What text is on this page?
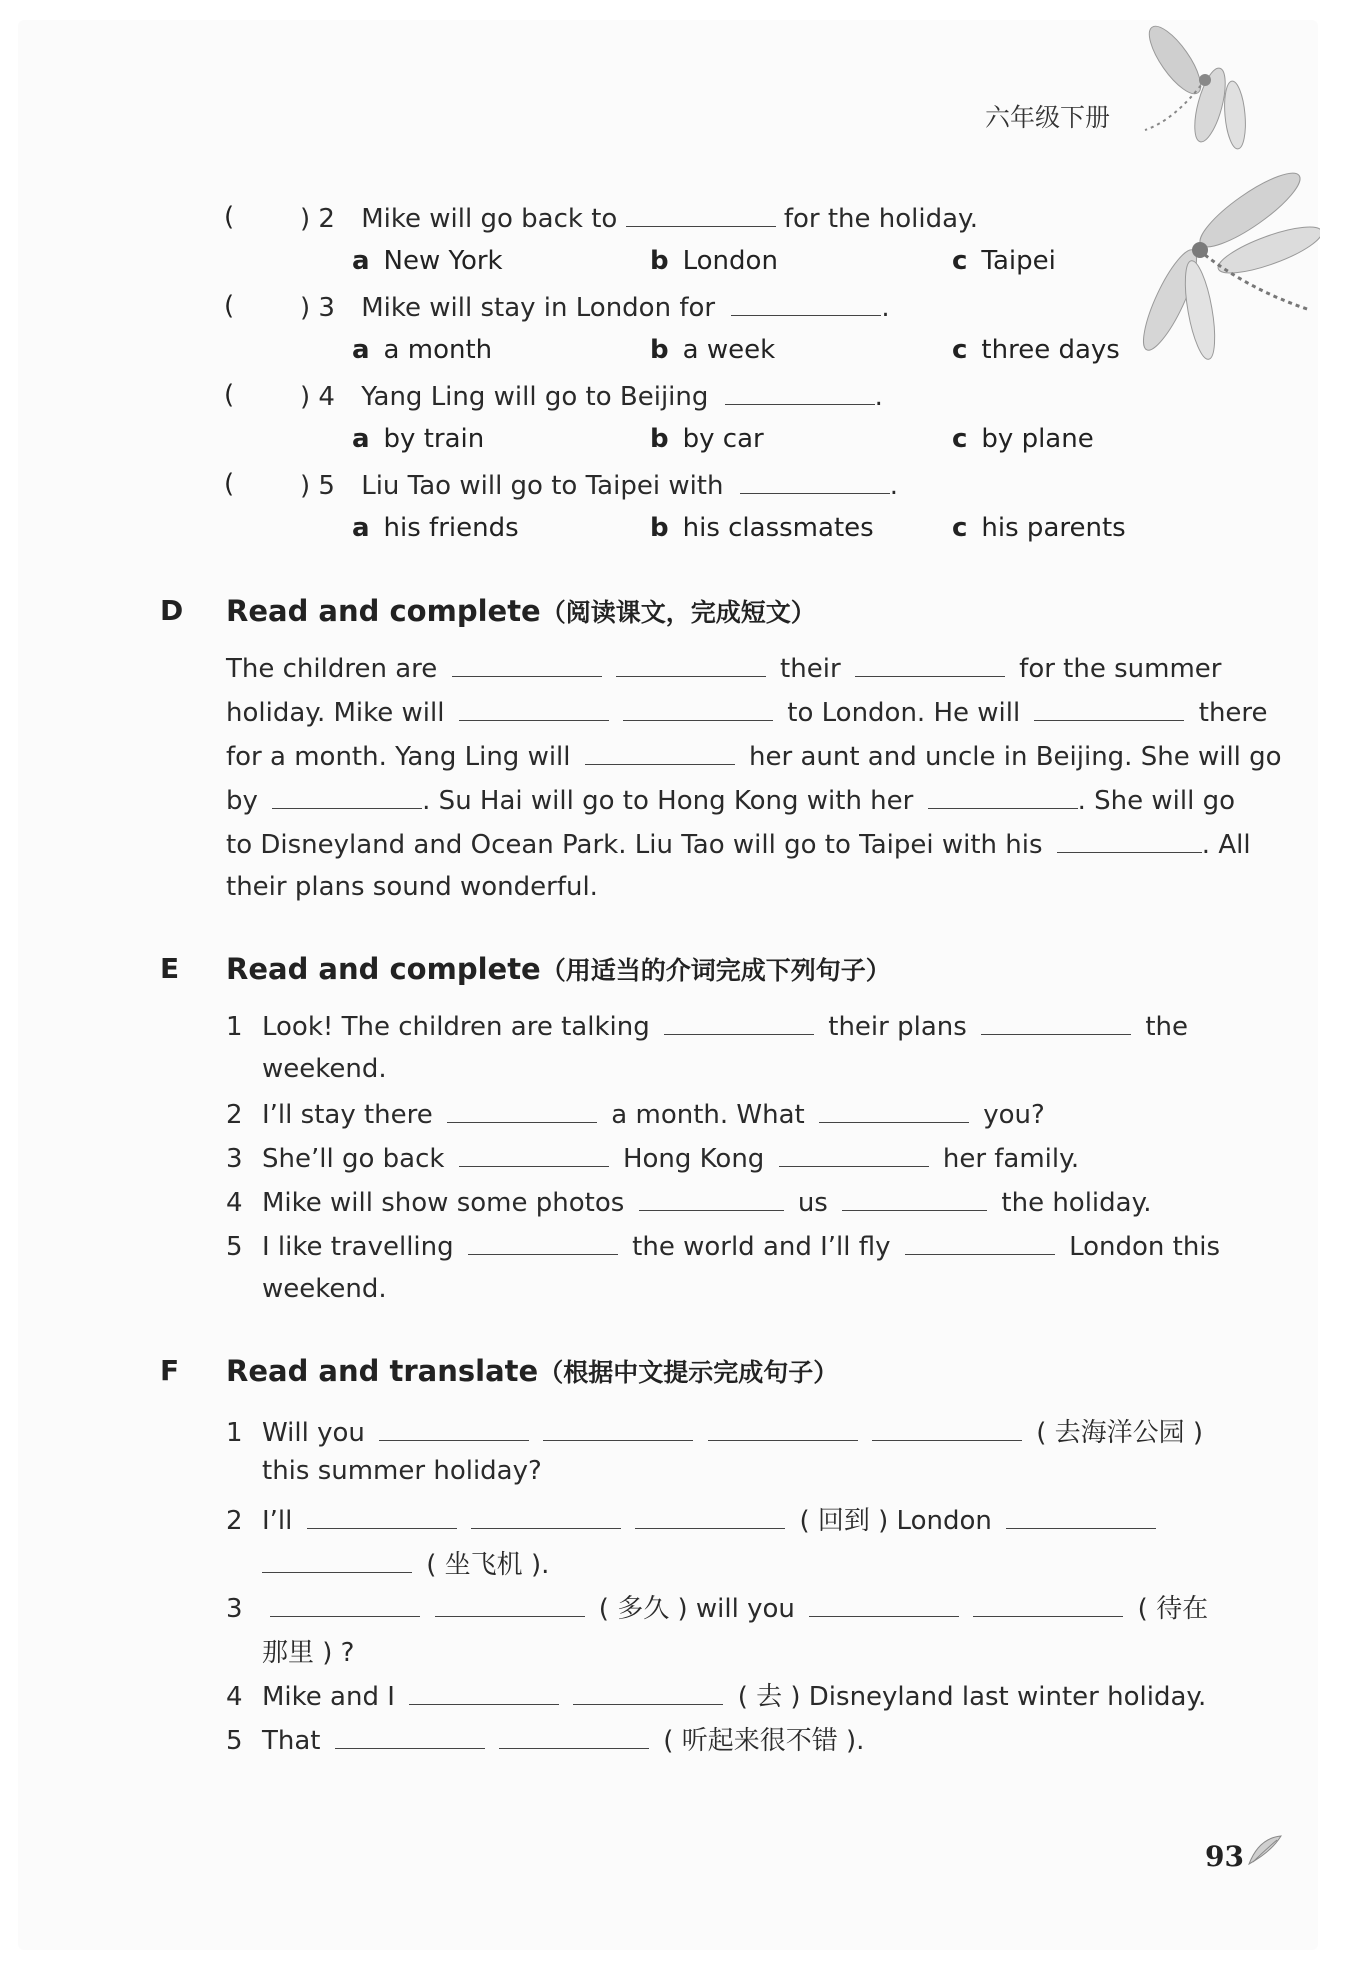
六年级下册
(	) 2 Mike will go back to	for the holiday.
a New York	b London	c Taipei
(	) 3 Mike will stay in London for	.
a a month	b a week	c three days
(	) 4 Yang Ling will go to Beijing	.
a by train	b by car	c by plane
(	) 5 Liu Tao will go to Taipei with	.
a his friends	b his classmates	c his parents
D Read and complete（阅读课文，完成短文）
The children are	their	for the summer
holiday. Mike will	to London. He will	there
for a month. Yang Ling will	her aunt and uncle in Beijing. She will go
by	. Su Hai will go to Hong Kong with her	. She will go
to Disneyland and Ocean Park. Liu Tao will go to Taipei with his	. All
their plans sound wonderful.
E Read and complete（用适当的介词完成下列句子）
1 Look! The children are talking	their plans	the
weekend.
2 I’ll stay there	a month. What	you?
3 She’ll go back	Hong Kong	her family.
4 Mike will show some photos	us	the holiday.
5 I like travelling	the world and I’ll fly	London this
weekend.
F Read and translate（根据中文提示完成句子）
1 Will you	( 去海洋公园 )
this summer holiday?
2 I’ll	( 回到 ) London
( 坐飞机 ).
3	( 多久 ) will you	( 待在
那里 ) ?
4 Mike and I	( 去 ) Disneyland last winter holiday.
5 That	( 听起来很不错 ).
93
